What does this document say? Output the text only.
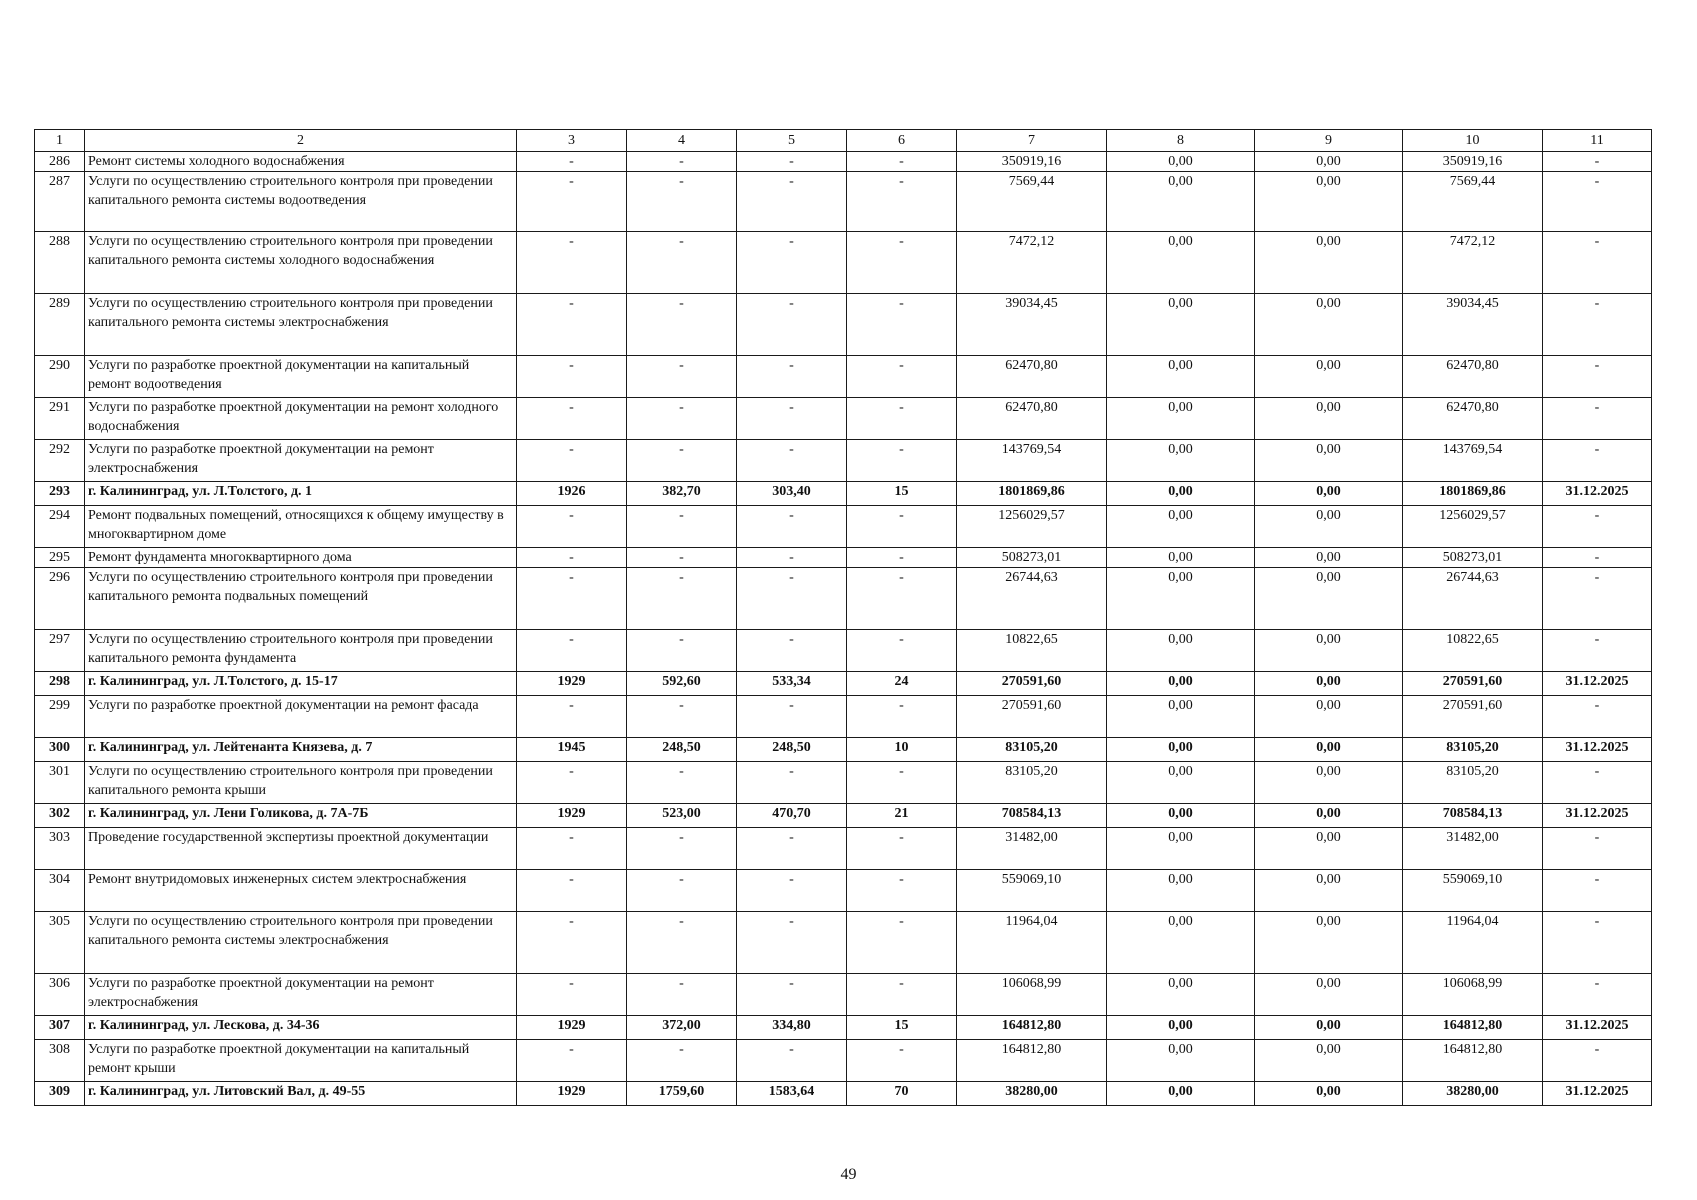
1	2	3	4	5	6	7	8	9	10	11
286	Ремонт системы холодного водоснабжения	-	-	-	-	350919,16	0,00	0,00	350919,16	-
287	Услуги по осуществлению строительного контроля при проведении капитального ремонта системы водоотведения	-	-	-	-	7569,44	0,00	0,00	7569,44	-
288	Услуги по осуществлению строительного контроля при проведении капитального ремонта системы холодного водоснабжения	-	-	-	-	7472,12	0,00	0,00	7472,12	-
289	Услуги по осуществлению строительного контроля при проведении капитального ремонта системы электроснабжения	-	-	-	-	39034,45	0,00	0,00	39034,45	-
290	Услуги по разработке проектной документации на капитальный ремонт водоотведения	-	-	-	-	62470,80	0,00	0,00	62470,80	-
291	Услуги по разработке проектной документации на ремонт холодного водоснабжения	-	-	-	-	62470,80	0,00	0,00	62470,80	-
292	Услуги по разработке проектной документации на ремонт электроснабжения	-	-	-	-	143769,54	0,00	0,00	143769,54	-
293	г. Калининград, ул. Л.Толстого, д. 1	1926	382,70	303,40	15	1801869,86	0,00	0,00	1801869,86	31.12.2025
294	Ремонт подвальных помещений, относящихся к общему имуществу в многоквартирном доме	-	-	-	-	1256029,57	0,00	0,00	1256029,57	-
295	Ремонт фундамента многоквартирного дома	-	-	-	-	508273,01	0,00	0,00	508273,01	-
296	Услуги по осуществлению строительного контроля при проведении капитального ремонта подвальных помещений	-	-	-	-	26744,63	0,00	0,00	26744,63	-
297	Услуги по осуществлению строительного контроля при проведении капитального ремонта фундамента	-	-	-	-	10822,65	0,00	0,00	10822,65	-
298	г. Калининград, ул. Л.Толстого, д. 15-17	1929	592,60	533,34	24	270591,60	0,00	0,00	270591,60	31.12.2025
299	Услуги по разработке проектной документации на ремонт фасада	-	-	-	-	270591,60	0,00	0,00	270591,60	-
300	г. Калининград, ул. Лейтенанта Князева, д. 7	1945	248,50	248,50	10	83105,20	0,00	0,00	83105,20	31.12.2025
301	Услуги по осуществлению строительного контроля при проведении капитального ремонта крыши	-	-	-	-	83105,20	0,00	0,00	83105,20	-
302	г. Калининград, ул. Лени Голикова, д. 7А-7Б	1929	523,00	470,70	21	708584,13	0,00	0,00	708584,13	31.12.2025
303	Проведение государственной экспертизы проектной документации	-	-	-	-	31482,00	0,00	0,00	31482,00	-
304	Ремонт внутридомовых инженерных систем электроснабжения	-	-	-	-	559069,10	0,00	0,00	559069,10	-
305	Услуги по осуществлению строительного контроля при проведении капитального ремонта системы электроснабжения	-	-	-	-	11964,04	0,00	0,00	11964,04	-
306	Услуги по разработке проектной документации на ремонт электроснабжения	-	-	-	-	106068,99	0,00	0,00	106068,99	-
307	г. Калининград, ул. Лескова, д. 34-36	1929	372,00	334,80	15	164812,80	0,00	0,00	164812,80	31.12.2025
308	Услуги по разработке проектной документации на капитальный ремонт крыши	-	-	-	-	164812,80	0,00	0,00	164812,80	-
309	г. Калининград, ул. Литовский Вал, д. 49-55	1929	1759,60	1583,64	70	38280,00	0,00	0,00	38280,00	31.12.2025
49
